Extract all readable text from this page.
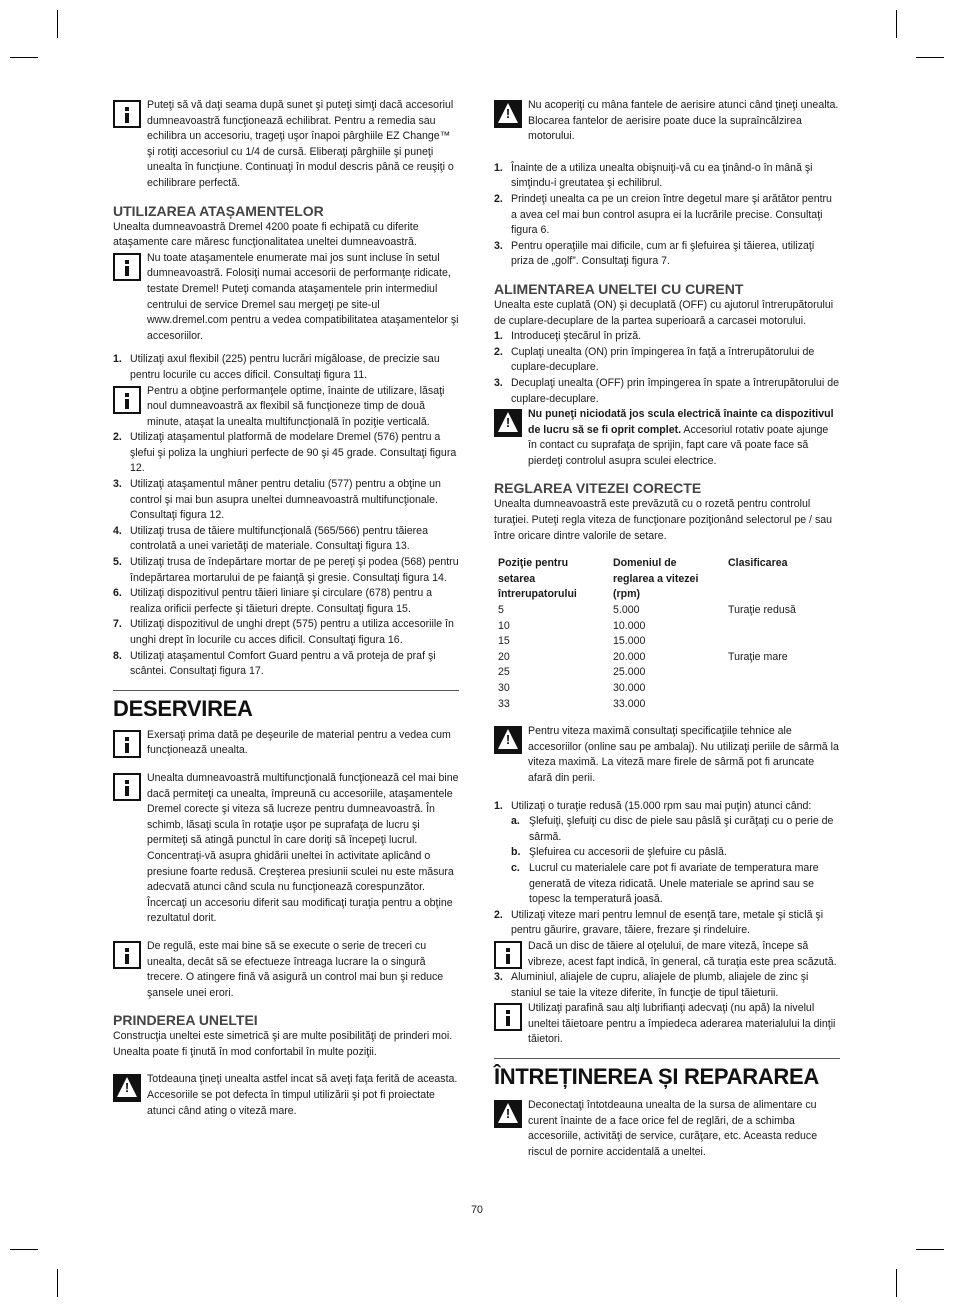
Puteţi să vă daţi seama după sunet şi puteţi simţi dacă accesoriul dumneavoastră funcţionează echilibrat. Pentru a remedia sau echilibra un accesoriu, trageţi uşor înapoi pârghiile EZ Change™ şi rotiţi accesoriul cu 1/4 de cursă. Eliberaţi pârghiile şi puneţi unealta în funcţiune. Continuaţi în modul descris până ce reuşiţi o echilibrare perfectă.

UTILIZAREA ATAȘAMENTELOR

Unealta dumneavoastră Dremel 4200 poate fi echipată cu diferite ataşamente care măresc funcţionalitatea uneltei dumneavoastră.

Nu toate ataşamentele enumerate mai jos sunt incluse în setul dumneavoastră. Folosiţi numai accesorii de performanţe ridicate, testate Dremel! Puteţi comanda ataşamentele prin intermediul centrului de service Dremel sau mergeţi pe site-ul www.dremel.com pentru a vedea compatibilitatea ataşamentelor şi accesoriilor.

1. Utilizaţi axul flexibil (225) pentru lucrări migăloase, de precizie sau pentru locurile cu acces dificil. Consultaţi figura 11.

Pentru a obţine performanţele optime, înainte de utilizare, lăsaţi noul dumneavoastră ax flexibil să funcţioneze timp de două minute, ataşat la unealta multifuncţională în poziţie verticală.

2. Utilizaţi ataşamentul platformă de modelare Dremel (576) pentru a şlefui şi poliza la unghiuri perfecte de 90 şi 45 grade. Consultaţi figura 12.

3. Utilizaţi ataşamentul mâner pentru detaliu (577) pentru a obţine un control şi mai bun asupra uneltei dumneavoastră multifuncţionale. Consultaţi figura 12.

4. Utilizaţi trusa de tăiere multifuncţională (565/566) pentru tăierea controlată a unei varietăţi de materiale. Consultaţi figura 13.

5. Utilizaţi trusa de îndepărtare mortar de pe pereţi şi podea (568) pentru îndepărtarea mortarului de pe faianţă şi gresie. Consultaţi figura 14.

6. Utilizaţi dispozitivul pentru tăieri liniare şi circulare (678) pentru a realiza orificii perfecte şi tăieturi drepte. Consultaţi figura 15.

7. Utilizaţi dispozitivul de unghi drept (575) pentru a utiliza accesoriile în unghi drept în locurile cu acces dificil. Consultaţi figura 16.

8. Utilizaţi ataşamentul Comfort Guard pentru a vă proteja de praf şi scântei. Consultaţi figura 17.

DESERVIREA

Exersaţi prima dată pe deşeurile de material pentru a vedea cum funcţionează unealta.

Unealta dumneavoastră multifuncţională funcţionează cel mai bine dacă permiteţi ca unealta, împreună cu accesoriile, ataşamentele Dremel corecte şi viteza să lucreze pentru dumneavoastră. În schimb, lăsaţi scula în rotaţie uşor pe suprafaţa de lucru şi permiteţi să atingă punctul în care doriţi să începeţi lucrul. Concentraţi-vă asupra ghidării uneltei în activitate aplicând o presiune foarte redusă. Creşterea presiunii sculei nu este măsura adecvată atunci când scula nu funcţionează corespunzător. Încercaţi un accesoriu diferit sau modificaţi turaţia pentru a obţine rezultatul dorit.

De regulă, este mai bine să se execute o serie de treceri cu unealta, decât să se efectueze întreaga lucrare la o singură trecere. O atingere fină vă asigură un control mai bun şi reduce şansele unei erori.

PRINDEREA UNELTEI

Construcţia uneltei este simetrică şi are multe posibilităţi de prinderi moi. Unealta poate fi ţinută în mod confortabil în multe poziţii.

!

Totdeauna ţineţi unealta astfel incat să aveţi faţa ferită de aceasta. Accesoriile se pot defecta în timpul utilizării şi pot fi proiectate atunci când ating o viteză mare.

!

Nu acoperiţi cu mâna fantele de aerisire atunci când ţineţi unealta. Blocarea fantelor de aerisire poate duce la supraîncălzirea motorului.

1. Înainte de a utiliza unealta obişnuiţi-vă cu ea ţinând-o în mână şi simţindu-i greutatea şi echilibrul.

2. Prindeţi unealta ca pe un creion între degetul mare şi arătător pentru a avea cel mai bun control asupra ei la lucrările precise. Consultaţi figura 6.

3. Pentru operaţiile mai dificile, cum ar fi şlefuirea şi tăierea, utilizaţi priza de „golf”. Consultaţi figura 7.

ALIMENTAREA UNELTEI CU CURENT

Unealta este cuplată (ON) şi decuplată (OFF) cu ajutorul întrerupătorului de cuplare-decuplare de la partea superioară a carcasei motorului.

1. Introduceţi ştecărul în priză.

2. Cuplaţi unealta (ON) prin împingerea în faţă a întrerupătorului de cuplare-decuplare.

3. Decuplaţi unealta (OFF) prin împingerea în spate a întrerupătorului de cuplare-decuplare.

!

Nu puneţi niciodată jos scula electrică înainte ca dispozitivul de lucru să se fi oprit complet. Accesoriul rotativ poate ajunge în contact cu suprafaţa de sprijin, fapt care vă poate face să pierdeţi controlul asupra sculei electrice.

REGLAREA VITEZEI CORECTE

Unealta dumneavoastră este prevăzută cu o rozetă pentru controlul turaţiei. Puteţi regla viteza de funcţionare poziţionând selectorul pe / sau între oricare dintre valorile de setare.

Poziţie pentru setarea întrerupatorului	Domeniul de reglarea a vitezei (rpm)	Clasificarea
5	5.000	Turaţie redusă
10	10.000	
15	15.000	
20	20.000	Turaţie mare
25	25.000	
30	30.000	
33	33.000	
!

Pentru viteza maximă consultaţi specificaţiile tehnice ale accesoriilor (online sau pe ambalaj). Nu utilizaţi periile de sârmă la viteza maximă. La viteză mare firele de sârmă pot fi aruncate afară din perii.

1. Utilizaţi o turaţie redusă (15.000 rpm sau mai puţin) atunci când:

a. Şlefuiţi, şlefuiţi cu disc de piele sau pâslă şi curăţaţi cu o perie de sârmă.

b. Şlefuirea cu accesorii de şlefuire cu pâslă.

c. Lucrul cu materialele care pot fi avariate de temperatura mare generată de viteza ridicată. Unele materiale se aprind sau se topesc la temperatură joasă.

2. Utilizaţi viteze mari pentru lemnul de esenţă tare, metale şi sticlă şi pentru găurire, gravare, tăiere, frezare şi rindeluire.

Dacă un disc de tăiere al oţelului, de mare viteză, începe să vibreze, acest fapt indică, în general, că turaţia este prea scăzută.

3. Aluminiul, aliajele de cupru, aliajele de plumb, aliajele de zinc şi staniul se taie la viteze diferite, în funcţie de tipul tăieturii.

Utilizaţi parafină sau alţi lubrifianţi adecvaţi (nu apă) la nivelul uneltei tăietoare pentru a împiedeca aderarea materialului la dinţii tăietori.

ÎNTREȚINEREA ȘI REPARAREA
!

Deconectaţi întotdeauna unealta de la sursa de alimentare cu curent înainte de a face orice fel de reglări, de a schimba accesoriile, activităţi de service, curăţare, etc. Aceasta reduce riscul de pornire accidentală a uneltei.

70
